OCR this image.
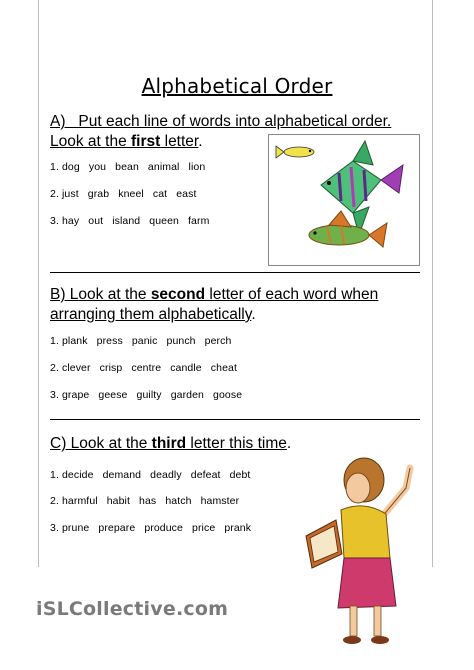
Alphabetical Order
A) Put each line of words into alphabetical order.
Look at the first letter.
1. dog   you   bean   animal   lion
2. just   grab   kneel   cat   east
3. hay   out   island   queen   farm
B) Look at the second letter of each word when
arranging them alphabetically.
1. plank   press   panic   punch   perch
2. clever   crisp   centre   candle   cheat
3. grape   geese   guilty   garden   goose
C) Look at the third letter this time.
1. decide   demand   deadly   defeat   debt
2. harmful   habit   has   hatch   hamster
3. prune   prepare   produce   price   prank
iSLCollective.com
